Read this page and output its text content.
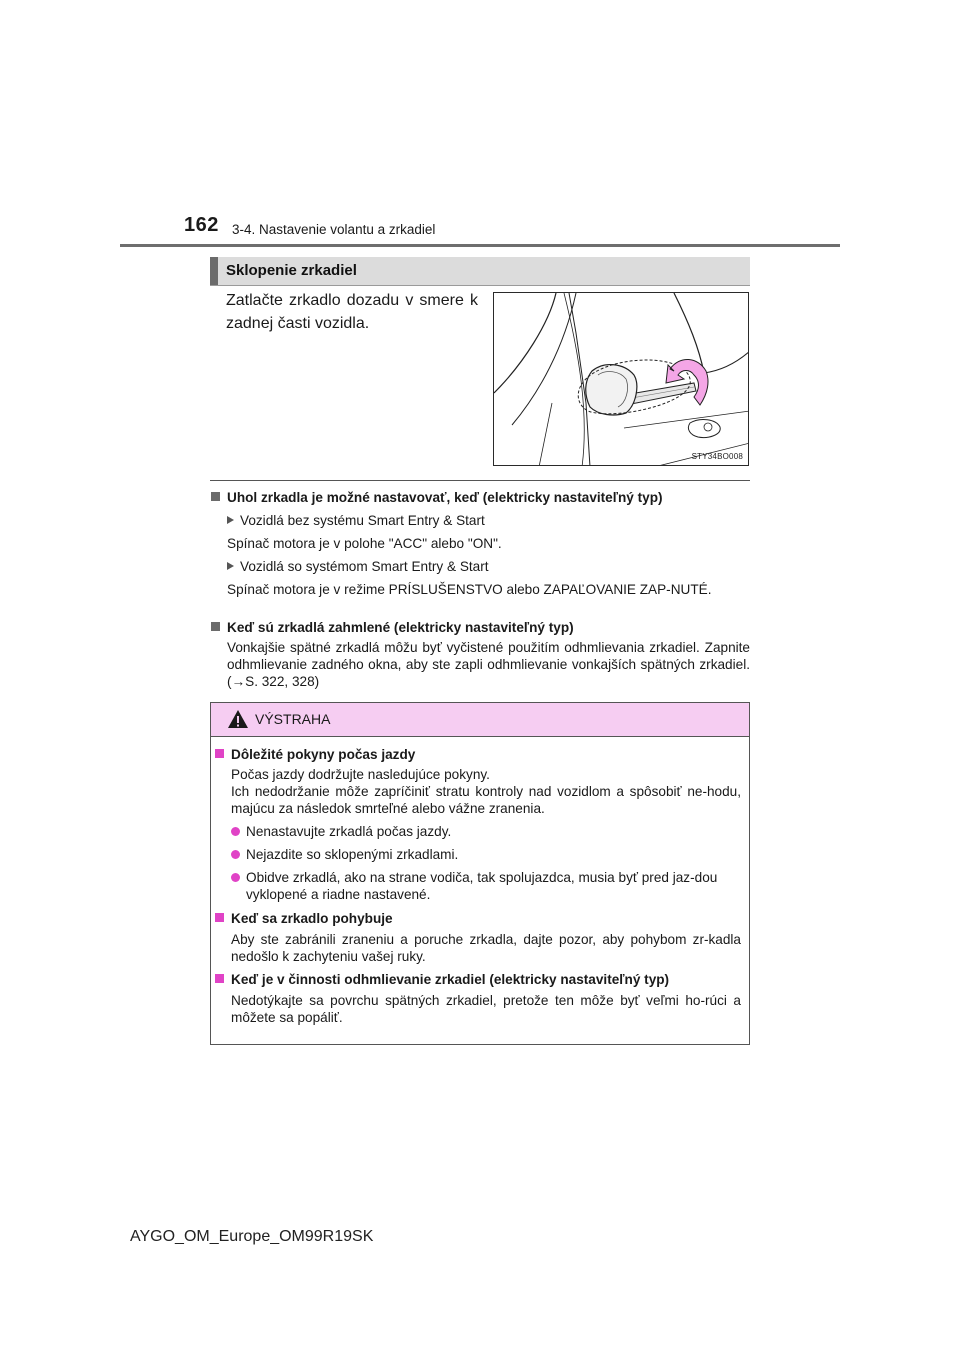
162 3-4. Nastavenie volantu a zrkadiel
Sklopenie zrkadiel
Zatlačte zrkadlo dozadu v smere k zadnej časti vozidla.
STY34BO008
Uhol zrkadla je možné nastavovať, keď (elektricky nastaviteľný typ)
Vozidlá bez systému Smart Entry & Start
Spínač motora je v polohe "ACC" alebo "ON".
Vozidlá so systémom Smart Entry & Start
Spínač motora je v režime PRÍSLUŠENSTVO alebo ZAPAĽOVANIE ZAP-NUTÉ.
Keď sú zrkadlá zahmlené (elektricky nastaviteľný typ)
Vonkajšie spätné zrkadlá môžu byť vyčistené použitím odhmlievania zrkadiel. Zapnite odhmlievanie zadného okna, aby ste zapli odhmlievanie vonkajších spätných zrkadiel. (→S. 322, 328)
VÝSTRAHA
Dôležité pokyny počas jazdy
Počas jazdy dodržujte nasledujúce pokyny.
Ich nedodržanie môže zapríčiniť stratu kontroly nad vozidlom a spôsobiť ne-hodu, majúcu za následok smrteľné alebo vážne zranenia.
Nenastavujte zrkadlá počas jazdy.
Nejazdite so sklopenými zrkadlami.
Obidve zrkadlá, ako na strane vodiča, tak spolujazdca, musia byť pred jaz-dou vyklopené a riadne nastavené.
Keď sa zrkadlo pohybuje
Aby ste zabránili zraneniu a poruche zrkadla, dajte pozor, aby pohybom zr-kadla nedošlo k zachyteniu vašej ruky.
Keď je v činnosti odhmlievanie zrkadiel (elektricky nastaviteľný typ)
Nedotýkajte sa povrchu spätných zrkadiel, pretože ten môže byť veľmi ho-rúci a môžete sa popáliť.
AYGO_OM_Europe_OM99R19SK
